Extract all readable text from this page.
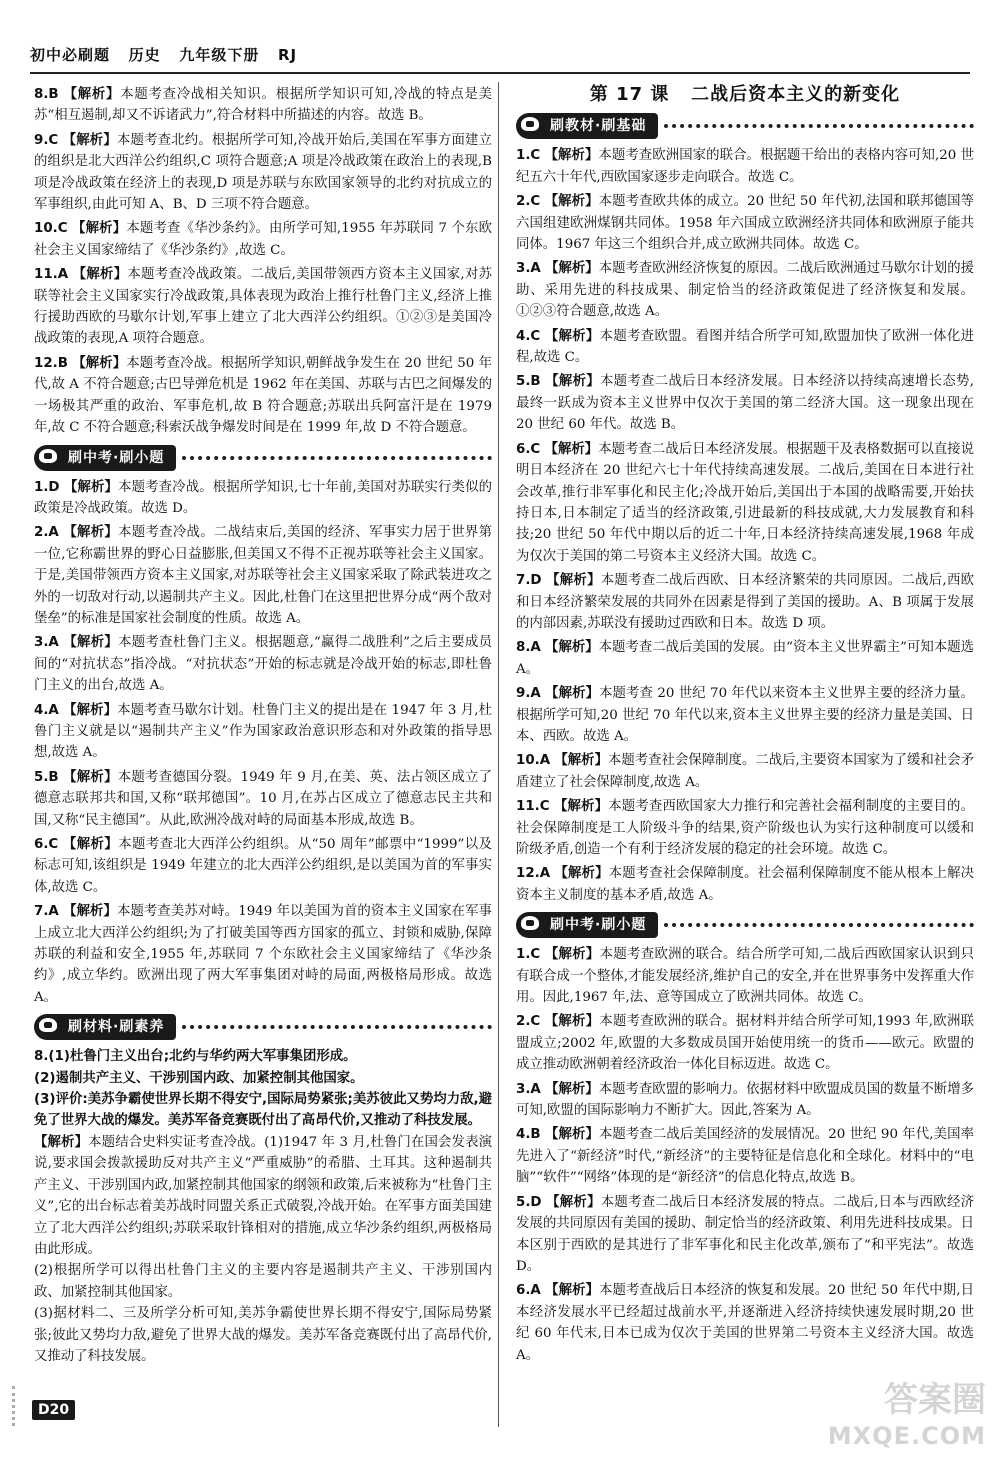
初中必刷题   历史   九年级下册   RJ

8.B 【解析】本题考查冷战相关知识。根据所学知识可知,冷战的特点是美苏“相互遏制,却又不诉诸武力”,符合材料中所描述的内容。故选 B。

9.C 【解析】本题考查北约。根据所学可知,冷战开始后,美国在军事方面建立的组织是北大西洋公约组织,C 项符合题意;A 项是冷战政策在政治上的表现,B 项是冷战政策在经济上的表现,D 项是苏联与东欧国家领导的北约对抗成立的军事组织,由此可知 A、B、D 三项不符合题意。

10.C 【解析】本题考查《华沙条约》。由所学可知,1955 年苏联同 7 个东欧社会主义国家缔结了《华沙条约》,故选 C。

11.A 【解析】本题考查冷战政策。二战后,美国带领西方资本主义国家,对苏联等社会主义国家实行冷战政策,具体表现为政治上推行杜鲁门主义,经济上推行援助西欧的马歇尔计划,军事上建立了北大西洋公约组织。①②③是美国冷战政策的表现,A 项符合题意。

12.B 【解析】本题考查冷战。根据所学知识,朝鲜战争发生在 20 世纪 50 年代,故 A 不符合题意;古巴导弹危机是 1962 年在美国、苏联与古巴之间爆发的一场极其严重的政治、军事危机,故 B 符合题意;苏联出兵阿富汗是在 1979 年,故 C 不符合题意;科索沃战争爆发时间是在 1999 年,故 D 不符合题意。

刷中考·刷小题

1.D 【解析】本题考查冷战。根据所学知识,七十年前,美国对苏联实行类似的政策是冷战政策。故选 D。

2.A 【解析】本题考查冷战。二战结束后,美国的经济、军事实力居于世界第一位,它称霸世界的野心日益膨胀,但美国又不得不正视苏联等社会主义国家。于是,美国带领西方资本主义国家,对苏联等社会主义国家采取了除武装进攻之外的一切敌对行动,以遏制共产主义。因此,杜鲁门在这里把世界分成“两个敌对堡垒”的标准是国家社会制度的性质。故选 A。

3.A 【解析】本题考查杜鲁门主义。根据题意,“赢得二战胜利”之后主要成员间的“对抗状态”指冷战。“对抗状态”开始的标志就是冷战开始的标志,即杜鲁门主义的出台,故选 A。

4.A 【解析】本题考查马歇尔计划。杜鲁门主义的提出是在 1947 年 3 月,杜鲁门主义就是以“遏制共产主义”作为国家政治意识形态和对外政策的指导思想,故选 A。

5.B 【解析】本题考查德国分裂。1949 年 9 月,在美、英、法占领区成立了德意志联邦共和国,又称“联邦德国”。10 月,在苏占区成立了德意志民主共和国,又称“民主德国”。从此,欧洲冷战对峙的局面基本形成,故选 B。

6.C 【解析】本题考查北大西洋公约组织。从“50 周年”邮票中“1999”以及标志可知,该组织是 1949 年建立的北大西洋公约组织,是以美国为首的军事实体,故选 C。

7.A 【解析】本题考查美苏对峙。1949 年以美国为首的资本主义国家在军事上成立北大西洋公约组织;为了打破美国等西方国家的孤立、封锁和威胁,保障苏联的利益和安全,1955 年,苏联同 7 个东欧社会主义国家缔结了《华沙条约》,成立华约。欧洲出现了两大军事集团对峙的局面,两极格局形成。故选 A。

刷材料·刷素养

8.(1)杜鲁门主义出台;北约与华约两大军事集团形成。

(2)遏制共产主义、干涉别国内政、加紧控制其他国家。

(3)评价:美苏争霸使世界长期不得安宁,国际局势紧张;美苏彼此又势均力敌,避免了世界大战的爆发。美苏军备竞赛既付出了高昂代价,又推动了科技发展。

【解析】本题结合史料实证考查冷战。(1)1947 年 3 月,杜鲁门在国会发表演说,要求国会拨款援助反对共产主义“严重威胁”的希腊、土耳其。这种遏制共产主义、干涉别国内政,加紧控制其他国家的纲领和政策,后来被称为“杜鲁门主义”,它的出台标志着美苏战时同盟关系正式破裂,冷战开始。在军事方面美国建立了北大西洋公约组织;苏联采取针锋相对的措施,成立华沙条约组织,两极格局由此形成。

(2)根据所学可以得出杜鲁门主义的主要内容是遏制共产主义、干涉别国内政、加紧控制其他国家。

(3)据材料二、三及所学分析可知,美苏争霸使世界长期不得安宁,国际局势紧张;彼此又势均力敌,避免了世界大战的爆发。美苏军备竞赛既付出了高昂代价,又推动了科技发展。

第 17 课   二战后资本主义的新变化
刷教材·刷基础

1.C 【解析】本题考查欧洲国家的联合。根据题干给出的表格内容可知,20 世纪五六十年代,西欧国家逐步走向联合。故选 C。

2.C 【解析】本题考查欧共体的成立。20 世纪 50 年代初,法国和联邦德国等六国组建欧洲煤钢共同体。1958 年六国成立欧洲经济共同体和欧洲原子能共同体。1967 年这三个组织合并,成立欧洲共同体。故选 C。

3.A 【解析】本题考查欧洲经济恢复的原因。二战后欧洲通过马歇尔计划的援助、采用先进的科技成果、制定恰当的经济政策促进了经济恢复和发展。①②③符合题意,故选 A。

4.C 【解析】本题考查欧盟。看图并结合所学可知,欧盟加快了欧洲一体化进程,故选 C。

5.B 【解析】本题考查二战后日本经济发展。日本经济以持续高速增长态势,最终一跃成为资本主义世界中仅次于美国的第二经济大国。这一现象出现在 20 世纪 60 年代。故选 B。

6.C 【解析】本题考查二战后日本经济发展。根据题干及表格数据可以直接说明日本经济在 20 世纪六七十年代持续高速发展。二战后,美国在日本进行社会改革,推行非军事化和民主化;冷战开始后,美国出于本国的战略需要,开始扶持日本,日本制定了适当的经济政策,引进最新的科技成就,大力发展教育和科技;20 世纪 50 年代中期以后的近二十年,日本经济持续高速发展,1968 年成为仅次于美国的第二号资本主义经济大国。故选 C。

7.D 【解析】本题考查二战后西欧、日本经济繁荣的共同原因。二战后,西欧和日本经济繁荣发展的共同外在因素是得到了美国的援助。A、B 项属于发展的内部因素,苏联没有援助过西欧和日本。故选 D 项。

8.A 【解析】本题考查二战后美国的发展。由“资本主义世界霸主”可知本题选 A。

9.A 【解析】本题考查 20 世纪 70 年代以来资本主义世界主要的经济力量。根据所学可知,20 世纪 70 年代以来,资本主义世界主要的经济力量是美国、日本、西欧。故选 A。

10.A 【解析】本题考查社会保障制度。二战后,主要资本国家为了缓和社会矛盾建立了社会保障制度,故选 A。

11.C 【解析】本题考查西欧国家大力推行和完善社会福利制度的主要目的。社会保障制度是工人阶级斗争的结果,资产阶级也认为实行这种制度可以缓和阶级矛盾,创造一个有利于经济发展的稳定的社会环境。故选 C。

12.A 【解析】本题考查社会保障制度。社会福利保障制度不能从根本上解决资本主义制度的基本矛盾,故选 A。

刷中考·刷小题

1.C 【解析】本题考查欧洲的联合。结合所学可知,二战后西欧国家认识到只有联合成一个整体,才能发展经济,维护自己的安全,并在世界事务中发挥重大作用。因此,1967 年,法、意等国成立了欧洲共同体。故选 C。

2.C 【解析】本题考查欧洲的联合。据材料并结合所学可知,1993 年,欧洲联盟成立;2002 年,欧盟的大多数成员国开始使用统一的货币——欧元。欧盟的成立推动欧洲朝着经济政治一体化目标迈进。故选 C。

3.A 【解析】本题考查欧盟的影响力。依据材料中欧盟成员国的数量不断增多可知,欧盟的国际影响力不断扩大。因此,答案为 A。

4.B 【解析】本题考查二战后美国经济的发展情况。20 世纪 90 年代,美国率先进入了“新经济”时代,“新经济”的主要特征是信息化和全球化。材料中的“电脑”“软件”“网络”体现的是“新经济”的信息化特点,故选 B。

5.D 【解析】本题考查二战后日本经济发展的特点。二战后,日本与西欧经济发展的共同原因有美国的援助、制定恰当的经济政策、利用先进科技成果。日本区别于西欧的是其进行了非军事化和民主化改革,颁布了“和平宪法”。故选 D。

6.A 【解析】本题考查战后日本经济的恢复和发展。20 世纪 50 年代中期,日本经济发展水平已经超过战前水平,并逐渐进入经济持续快速发展时期,20 世纪 60 年代末,日本已成为仅次于美国的世界第二号资本主义经济大国。故选 A。

D20	答案圈
MXQE.COM
